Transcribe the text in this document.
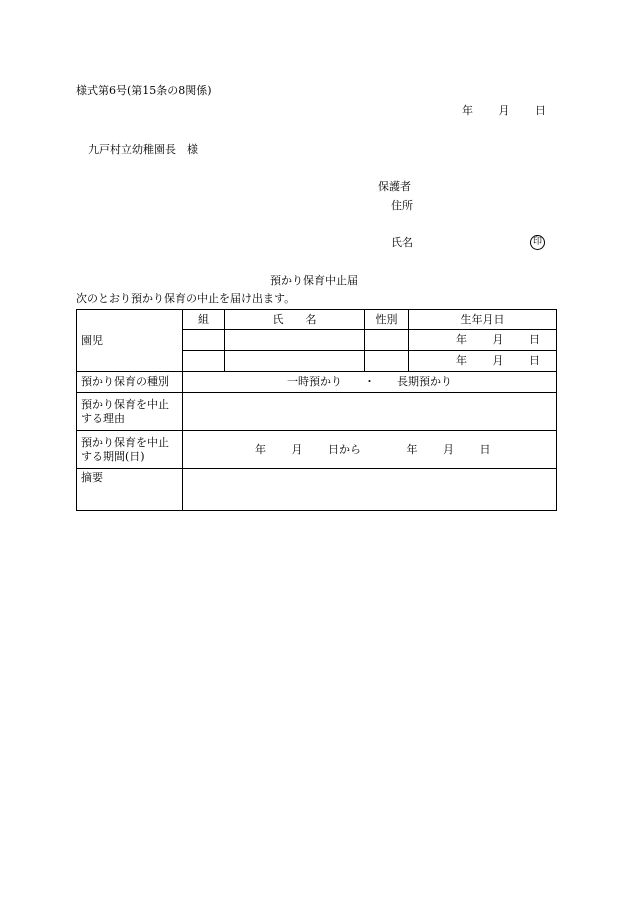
様式第6号(第15条の8関係)
年 月 日
九戸村立幼稚園長　様
保護者
住所
氏名	印
預かり保育中止届
次のとおり預かり保育の中止を届け出ます。
園児	組	氏　　名	性別	生年月日
				年 月 日
				年 月 日
預かり保育の種別	一時預かり　　・　　長期預かり			
預かり保育を中止する理由				
預かり保育を中止する期間(日)	年 月 日から 年 月 日			
摘要				
